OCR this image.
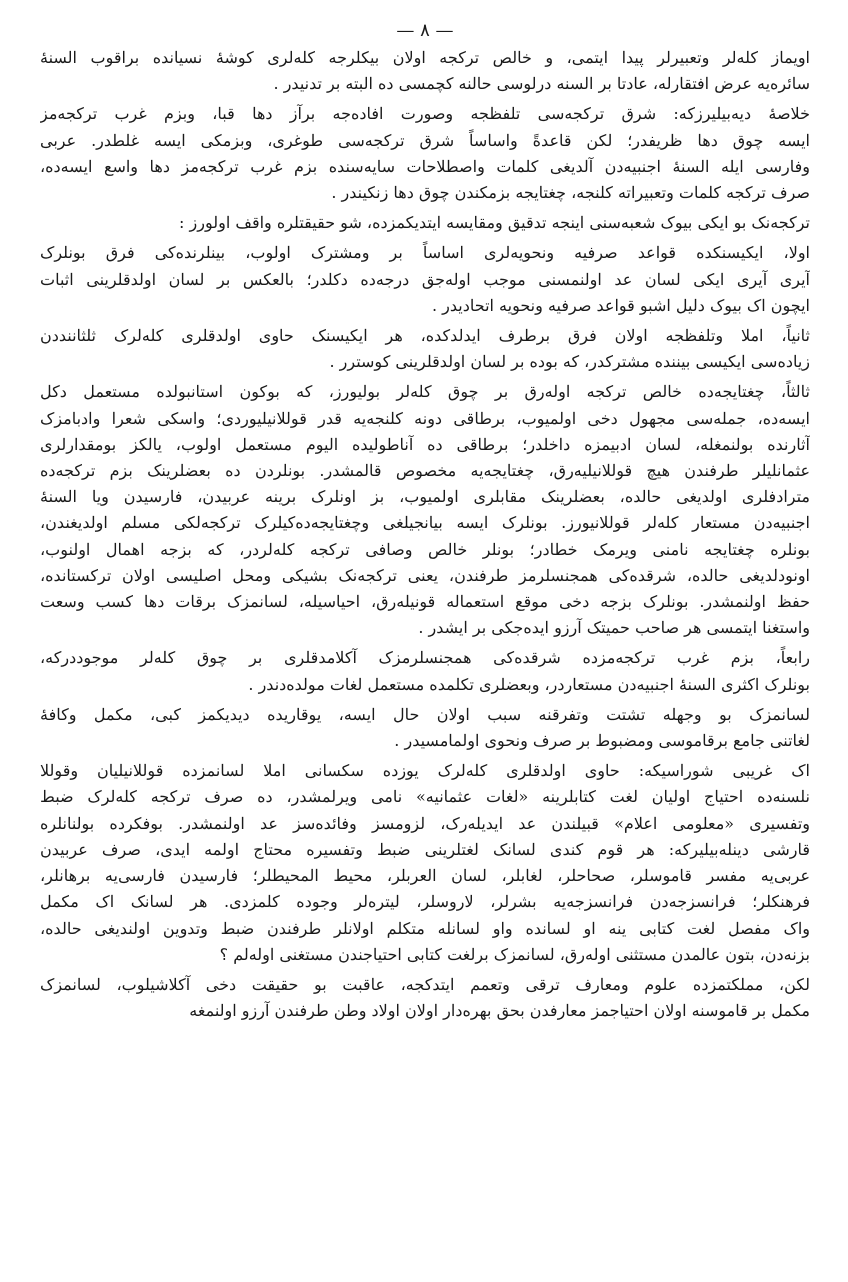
— ٨ —
اویماز کلەلر وتعبیرلر پیدا ایتمی، و خالص ترکجە اولان بیکلرجە کلەلری کوشۀ نسیانده براقوب السنهٔ
سائره‌یه عرض افتقارله، عادتا بر السنه درلوسی حالنه کچمسی ده البته بر تدنیدر .
خلاصهٔ دیه‌بیلیرزکه: شرق ترکجه‌سی تلفظجه وصورت افاده‌جه برآز دها قبا، وبزم غرب ترکجه‌مز
ایسه چوق دها ظریفدر؛ لکن قاعدةً واساساً شرق ترکجه‌سی طوغری، وبزمکی ایسه غلطدر. عربی
وفارسی ایله السنهٔ اجنبیه‌دن آلدیغی کلمات واصطلاحات سایه‌سنده بزم غرب ترکجه‌مز دها واسع ایسه‌ده،
صرف ترکجه کلمات وتعبیراته کلنجه، چغتایجه بزمکندن چوق دها زنکیندر .
ترکجه‌نک بو ایکی بیوک شعبه‌سنی اینجه تدقیق ومقایسه ایتدیکمزده، شو حقیقتلره واقف اولورز :
اولا، ایکیسنکده قواعد صرفیه ونحویه‌لری اساساً بر ومشترک اولوب، بینلرنده‌کی فرق بونلرک
آیری آیری ایکی لسان عد اولنمسنی موجب اوله‌جق درجه‌ده دکلدر؛ بالعکس بر لسان اولدقلرینی اثبات
ایچون اک بیوک دلیل اشبو قواعد صرفیه ونحویه اتحادیدر .
ثانیاً، املا وتلفظجه اولان فرق برطرف ایدلدکده، هر ایکیسنک حاوی اولدقلری کلەلرک ثلثاننددن
زیاده‌سی ایکیسی بیننده مشترکدر، که بوده بر لسان اولدقلرینی کوسترر .
ثالثاً، چغتایجه‌ده خالص ترکجه اوله‌رق بر چوق کلەلر بولیورز، که بوکون استانبولده مستعمل دکل
ایسه‌ده، جمله‌سی مجهول دخی اولمیوب، برطاقی دونه کلنجه‌یه قدر قوللانیلیوردی؛ واسکی شعرا وادبامزک
آثارنده بولنمغله، لسان ادبیمزه داخلدر؛ برطاقی ده آناطولیده الیوم مستعمل اولوب، یالکز بومقدارلری
عثمانلیلر طرفندن هیچ قوللانیلیه‌رق، چغتایجه‌یه مخصوص قالمشدر. بونلردن ده بعضلرینک بزم ترکجه‌ده
مترادفلری اولدیغی حالده، بعضلرینک مقابلری اولمیوب، بز اونلرک برینه عربیدن، فارسیدن ویا السنهٔ
اجنبیه‌دن مستعار کلەلر قوللانیورز. بونلرک ایسه بیانجیلغی وچغتایجه‌دەکیلرک ترکجه‌لکی مسلم اولدیغندن،
بونلره چغتایجه نامنی ویرمک خطادر؛ بونلر خالص وصافی ترکجه کلەلردر، که بزجه اهمال اولنوب،
اونودلدیغی حالده، شرقده‌کی همجنسلرمز طرفندن، یعنی ترکجه‌نک بشیکی ومحل اصلیسی اولان ترکستانده،
حفظ اولنمشدر. بونلرک بزجه دخی موقع استعماله قونیله‌رق، احیاسیله، لسانمزک برقات دها کسب وسعت
واستغنا ایتمسی هر صاحب حمیتک آرزو ایده‌جکی بر ایشدر .
رابعاً، بزم غرب ترکجه‌مزده شرقده‌کی همجنسلرمزک آکلامدقلری بر چوق کلەلر موجوددرکه،
بونلرک اکثری السنهٔ اجنبیه‌دن مستعاردر، وبعضلری تکلمده مستعمل لغات مولده‌دندر .
لسانمزک بو وجهله تشتت وتفرقنه سبب اولان حال ایسه، یوقاریده دیدیکمز کبی، مکمل وکافهٔ
لغاتنی جامع برقاموسی ومضبوط بر صرف ونحوی اولمامسیدر .
اک غریبی شوراسیکه: حاوی اولدقلری کلەلرک یوزده سکسانی املا لسانمزده قوللانیلیان وقوللا
نلسنه‌ده احتیاج اولیان لغت کتابلرینه «لغات عثمانیه» نامی ویرلمشدر، ده صرف ترکجه کلەلرک ضبط
وتفسیری «معلومی اعلام» قبیلندن عد ایدیله‌رک، لزومسز وفائده‌سز عد اولنمشدر. بوفکرده بولنانلره
قارشی دینله‌بیلیرکه: هر قوم کندی لسانک لغتلرینی ضبط وتفسیره محتاج اولمه ایدی، صرف عربیدن
عربی‌یه مفسر قاموسلر، صحاحلر، لغابلر، لسان العربلر، محیط المحیطلر؛ فارسیدن فارسی‌یه برهانلر،
فرهنکلر؛ فرانسزجه‌دن فرانسزجه‌یه بشرلر، لاروسلر، لیتره‌لر وجوده کلمزدی. هر لسانک اک مکمل
واک مفصل لغت کتابی ینه او لسانده واو لسانله متکلم اولانلر طرفندن ضبط وتدوین اولندیغی حالده،
بزنه‌دن، بتون عالمدن مستثنی اوله‌رق، لسانمزک برلغت کتابی احتیاجندن مستغنی اولەلم ؟
لکن، مملکتمزده علوم ومعارف ترقی وتعمم ایتدکجه، عاقبت بو حقیقت دخی آکلاشیلوب، لسانمزک
مکمل بر قاموسنه اولان احتیاجمز معارفدن بحق بهره‌دار اولان اولاد وطن طرفندن آرزو اولنمغه
